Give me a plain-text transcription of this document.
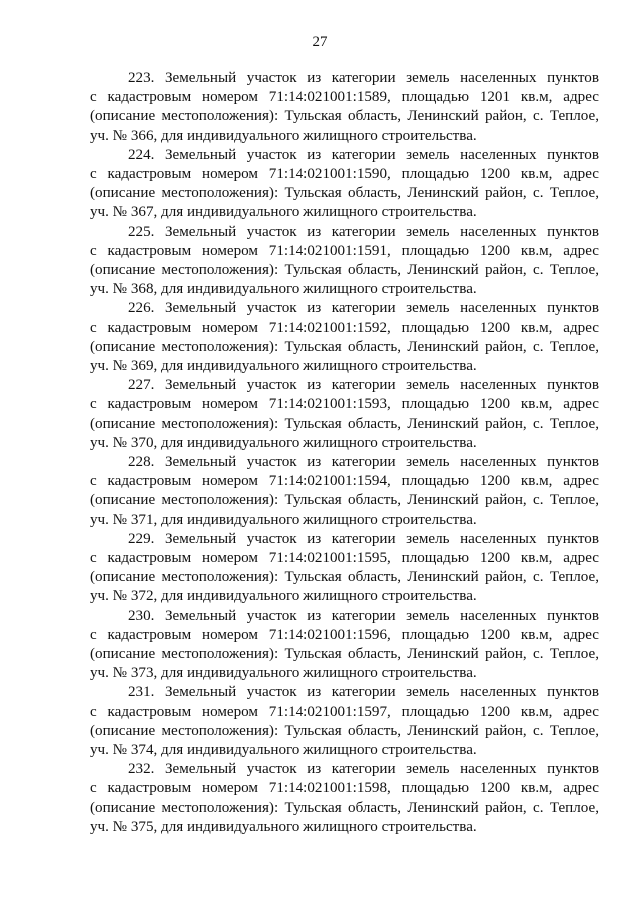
27
223. Земельный участок из категории земель населенных пунктов
с кадастровым номером 71:14:021001:1589, площадью 1201 кв.м, адрес
(описание местоположения): Тульская область, Ленинский район, с. Теплое,
уч. № 366, для индивидуального жилищного строительства.
224. Земельный участок из категории земель населенных пунктов
с кадастровым номером 71:14:021001:1590, площадью 1200 кв.м, адрес
(описание местоположения): Тульская область, Ленинский район, с. Теплое,
уч. № 367, для индивидуального жилищного строительства.
225. Земельный участок из категории земель населенных пунктов
с кадастровым номером 71:14:021001:1591, площадью 1200 кв.м, адрес
(описание местоположения): Тульская область, Ленинский район, с. Теплое,
уч. № 368, для индивидуального жилищного строительства.
226. Земельный участок из категории земель населенных пунктов
с кадастровым номером 71:14:021001:1592, площадью 1200 кв.м, адрес
(описание местоположения): Тульская область, Ленинский район, с. Теплое,
уч. № 369, для индивидуального жилищного строительства.
227. Земельный участок из категории земель населенных пунктов
с кадастровым номером 71:14:021001:1593, площадью 1200 кв.м, адрес
(описание местоположения): Тульская область, Ленинский район, с. Теплое,
уч. № 370, для индивидуального жилищного строительства.
228. Земельный участок из категории земель населенных пунктов
с кадастровым номером 71:14:021001:1594, площадью 1200 кв.м, адрес
(описание местоположения): Тульская область, Ленинский район, с. Теплое,
уч. № 371, для индивидуального жилищного строительства.
229. Земельный участок из категории земель населенных пунктов
с кадастровым номером 71:14:021001:1595, площадью 1200 кв.м, адрес
(описание местоположения): Тульская область, Ленинский район, с. Теплое,
уч. № 372, для индивидуального жилищного строительства.
230. Земельный участок из категории земель населенных пунктов
с кадастровым номером 71:14:021001:1596, площадью 1200 кв.м, адрес
(описание местоположения): Тульская область, Ленинский район, с. Теплое,
уч. № 373, для индивидуального жилищного строительства.
231. Земельный участок из категории земель населенных пунктов
с кадастровым номером 71:14:021001:1597, площадью 1200 кв.м, адрес
(описание местоположения): Тульская область, Ленинский район, с. Теплое,
уч. № 374, для индивидуального жилищного строительства.
232. Земельный участок из категории земель населенных пунктов
с кадастровым номером 71:14:021001:1598, площадью 1200 кв.м, адрес
(описание местоположения): Тульская область, Ленинский район, с. Теплое,
уч. № 375, для индивидуального жилищного строительства.
